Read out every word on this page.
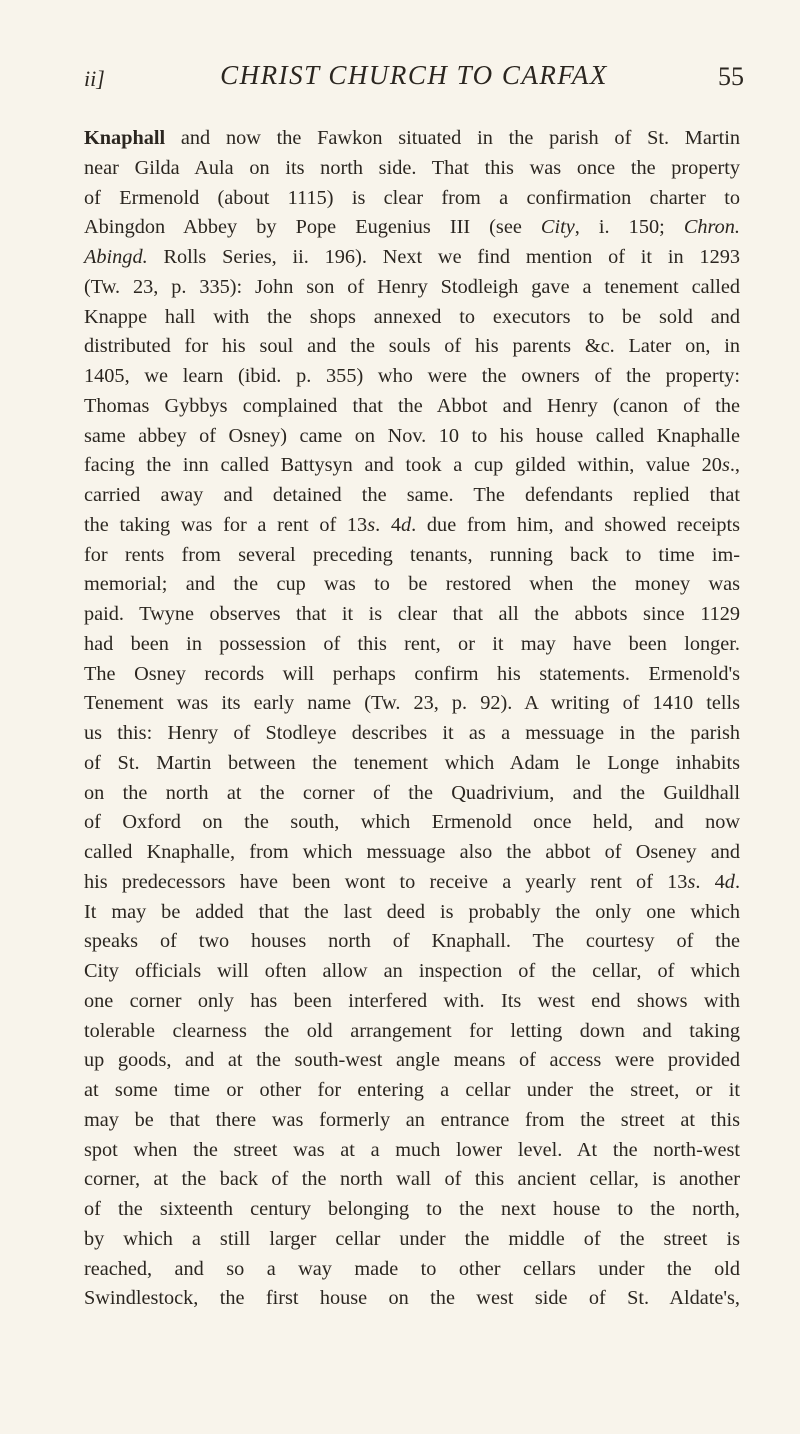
ii]	CHRIST CHURCH TO CARFAX	55
Knaphall and now the Fawkon situated in the parish of St. Martin
near Gilda Aula on its north side. That this was once the property
of Ermenold (about 1115) is clear from a confirmation charter to
Abingdon Abbey by Pope Eugenius III (see City, i. 150; Chron.
Abingd. Rolls Series, ii. 196). Next we find mention of it in 1293
(Tw. 23, p. 335): John son of Henry Stodleigh gave a tenement called
Knappe hall with the shops annexed to executors to be sold and
distributed for his soul and the souls of his parents &c. Later on, in
1405, we learn (ibid. p. 355) who were the owners of the property:
Thomas Gybbys complained that the Abbot and Henry (canon of the
same abbey of Osney) came on Nov. 10 to his house called Knaphalle
facing the inn called Battysyn and took a cup gilded within, value 20s.,
carried away and detained the same. The defendants replied that
the taking was for a rent of 13s. 4d. due from him, and showed receipts
for rents from several preceding tenants, running back to time im-
memorial; and the cup was to be restored when the money was
paid. Twyne observes that it is clear that all the abbots since 1129
had been in possession of this rent, or it may have been longer.
The Osney records will perhaps confirm his statements. Ermenold's
Tenement was its early name (Tw. 23, p. 92). A writing of 1410 tells
us this: Henry of Stodleye describes it as a messuage in the parish
of St. Martin between the tenement which Adam le Longe inhabits
on the north at the corner of the Quadrivium, and the Guildhall
of Oxford on the south, which Ermenold once held, and now
called Knaphalle, from which messuage also the abbot of Oseney and
his predecessors have been wont to receive a yearly rent of 13s. 4d.
It may be added that the last deed is probably the only one which
speaks of two houses north of Knaphall. The courtesy of the
City officials will often allow an inspection of the cellar, of which
one corner only has been interfered with. Its west end shows with
tolerable clearness the old arrangement for letting down and taking
up goods, and at the south-west angle means of access were provided
at some time or other for entering a cellar under the street, or it
may be that there was formerly an entrance from the street at this
spot when the street was at a much lower level. At the north-west
corner, at the back of the north wall of this ancient cellar, is another
of the sixteenth century belonging to the next house to the north,
by which a still larger cellar under the middle of the street is
reached, and so a way made to other cellars under the old
Swindlestock, the first house on the west side of St. Aldate's,
